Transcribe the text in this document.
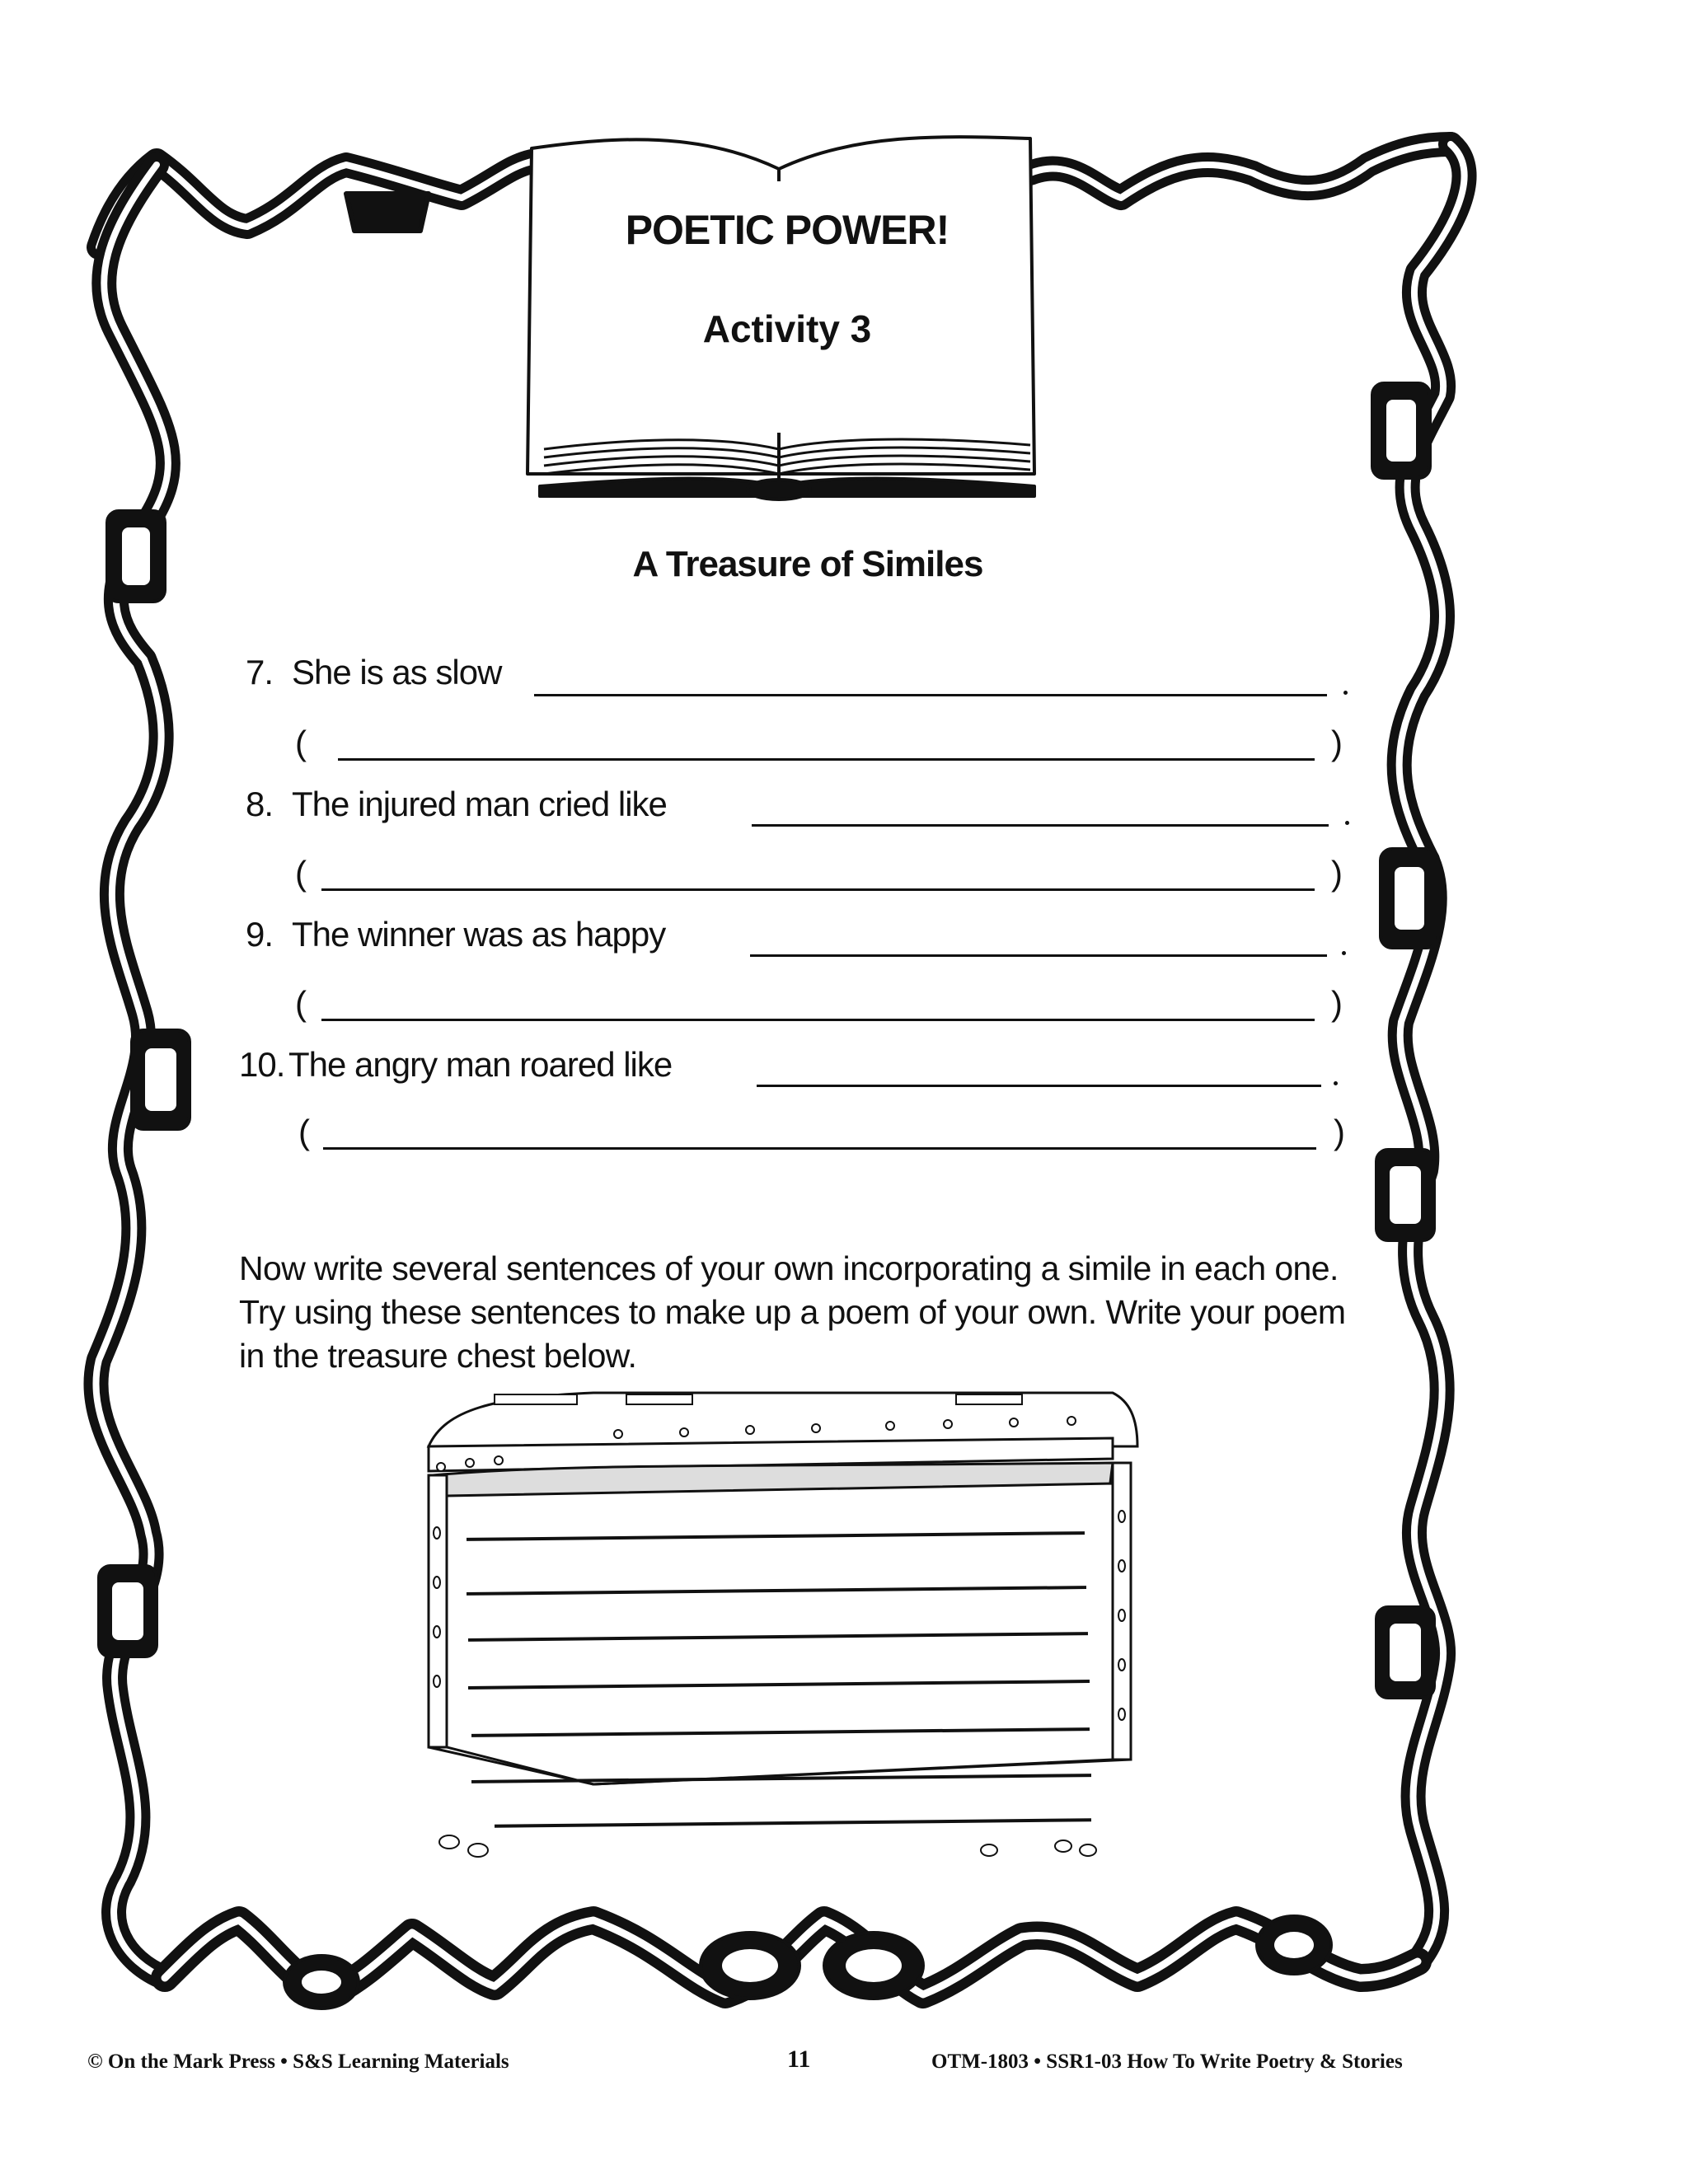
POETIC POWER!
Activity 3
A Treasure of Similes
7. She is as slow
(	)
8. The injured man cried like
(	)
9. The winner was as happy
(	)
10. The angry man roared like
(	)
Now write several sentences of your own incorporating a simile in each one. Try using these sentences to make up a poem of your own. Write your poem in the treasure chest below.
© On the Mark Press • S&S Learning Materials	11	OTM-1803 • SSR1-03 How To Write Poetry & Stories
